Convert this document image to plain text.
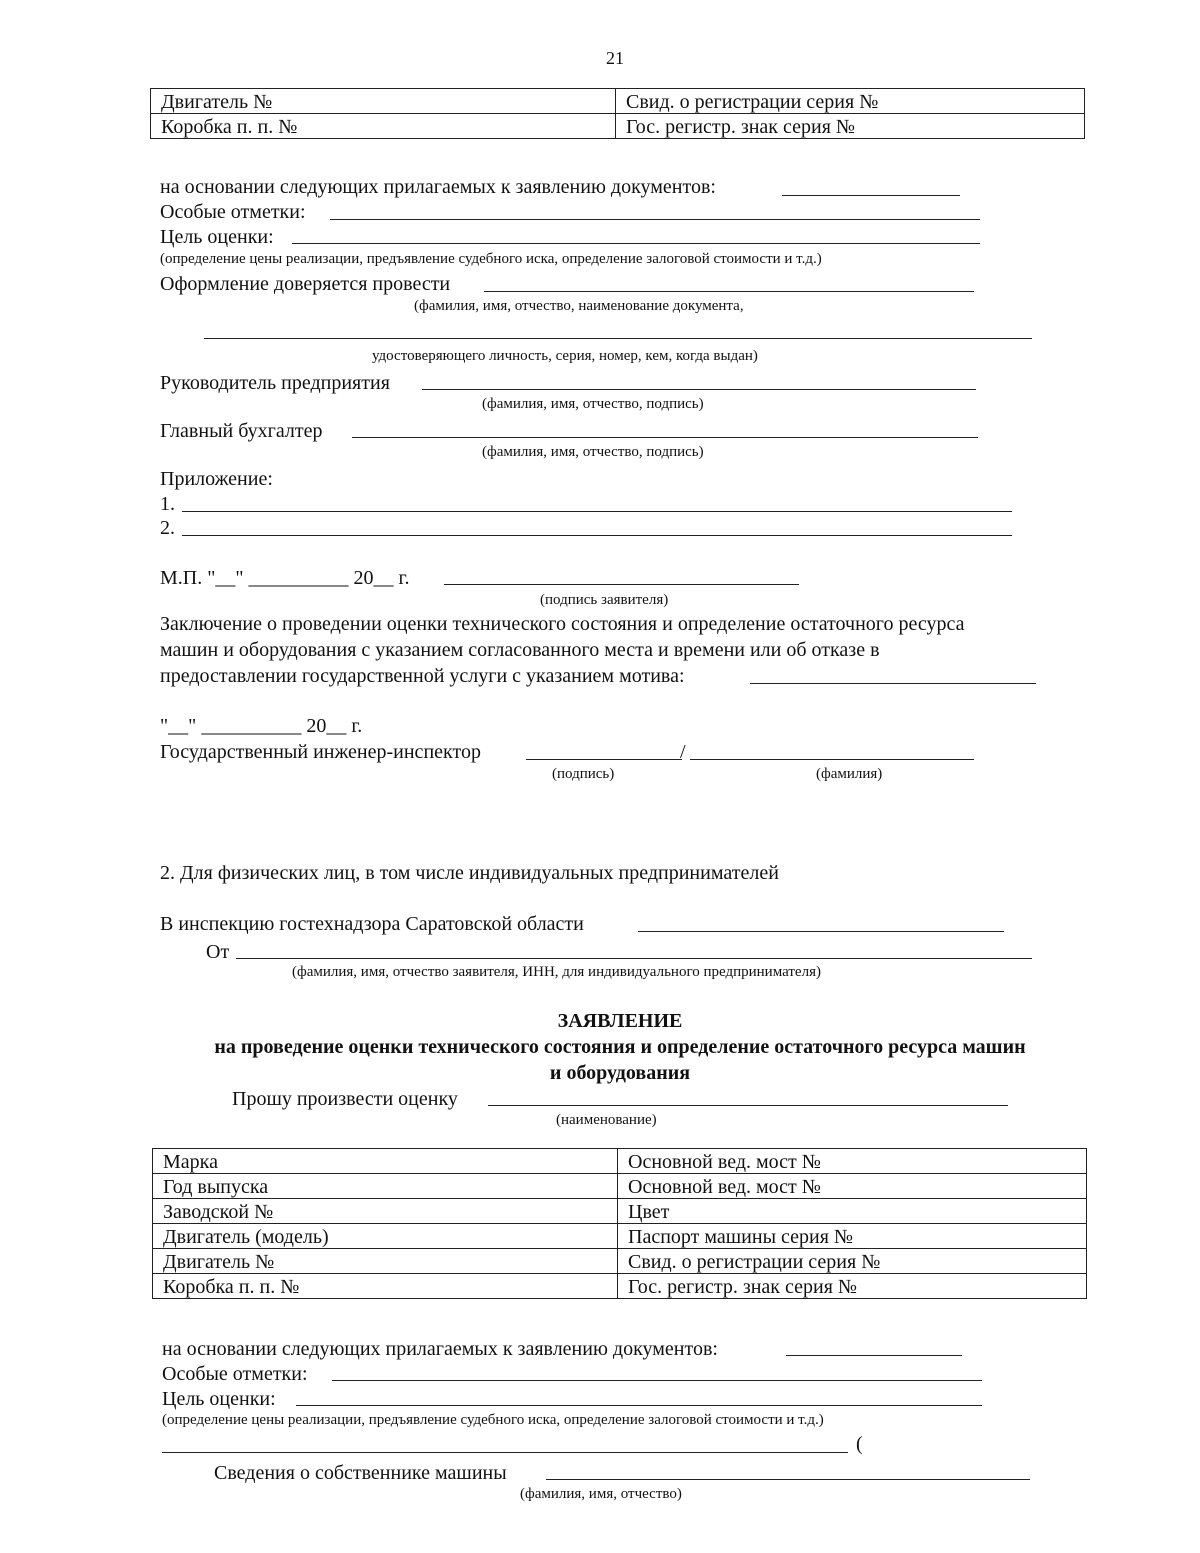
21
Двигатель №	Свид. о регистрации серия №
Коробка п. п. №	Гос. регистр. знак серия №
на основании следующих прилагаемых к заявлению документов:
Особые отметки:
Цель оценки:
(определение цены реализации, предъявление судебного иска, определение залоговой стоимости и т.д.)
Оформление доверяется провести
(фамилия, имя, отчество, наименование документа,
удостоверяющего личность, серия, номер, кем, когда выдан)
Руководитель предприятия
(фамилия, имя, отчество, подпись)
Главный бухгалтер
(фамилия, имя, отчество, подпись)
Приложение:
1.
2.
М.П. "__" __________ 20__ г.
(подпись заявителя)
Заключение о проведении оценки технического состояния и определение остаточного ресурса
машин и оборудования с указанием согласованного места и времени или об отказе в
предоставлении государственной услуги с указанием мотива:
"__" __________ 20__ г.
Государственный инженер-инспектор	/
(подпись)	(фамилия)
2. Для физических лиц, в том числе индивидуальных предпринимателей
В инспекцию гостехнадзора Саратовской области
От
(фамилия, имя, отчество заявителя, ИНН, для индивидуального предпринимателя)
ЗАЯВЛЕНИЕ
на проведение оценки технического состояния и определение остаточного ресурса машин
и оборудования
Прошу произвести оценку
(наименование)
Марка	Основной вед. мост №
Год выпуска	Основной вед. мост №
Заводской №	Цвет
Двигатель (модель)	Паспорт машины серия №
Двигатель №	Свид. о регистрации серия №
Коробка п. п. №	Гос. регистр. знак серия №
на основании следующих прилагаемых к заявлению документов:
Особые отметки:
Цель оценки:
(определение цены реализации, предъявление судебного иска, определение залоговой стоимости и т.д.)
(
Сведения о собственнике машины
(фамилия, имя, отчество)
